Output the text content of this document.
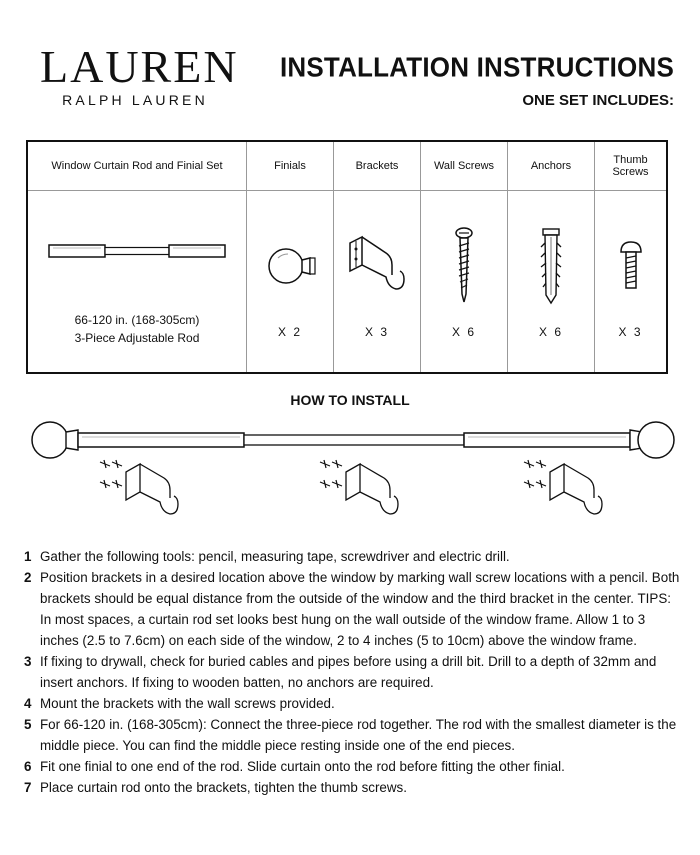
LAUREN
RALPH LAUREN
INSTALLATION INSTRUCTIONS
ONE SET INCLUDES:
Window Curtain Rod and Finial Set
66-120 in. (168-305cm)
3-Piece Adjustable Rod
Finials
X 2
Brackets
X 3
Wall Screws
X 6
Anchors
X 6
Thumb Screws
X 3
HOW TO INSTALL
1 Gather the following tools: pencil, measuring tape, screwdriver and electric drill.
2 Position brackets in a desired location above the window by marking wall screw locations with a pencil. Both brackets should be equal distance from the outside of the window and the third bracket in the center. TIPS: In most spaces, a curtain rod set looks best hung on the wall outside of the window frame. Allow 1 to 3 inches (2.5 to 7.6cm) on each side of the window, 2 to 4 inches (5 to 10cm) above the window frame.
3 If fixing to drywall, check for buried cables and pipes before using a drill bit. Drill to a depth of 32mm and insert anchors. If fixing to wooden batten, no anchors are required.
4 Mount the brackets with the wall screws provided.
5 For 66-120 in. (168-305cm): Connect the three-piece rod together. The rod with the smallest diameter is the middle piece. You can find the middle piece resting inside one of the end pieces.
6 Fit one finial to one end of the rod. Slide curtain onto the rod before fitting the other finial.
7 Place curtain rod onto the brackets, tighten the thumb screws.
